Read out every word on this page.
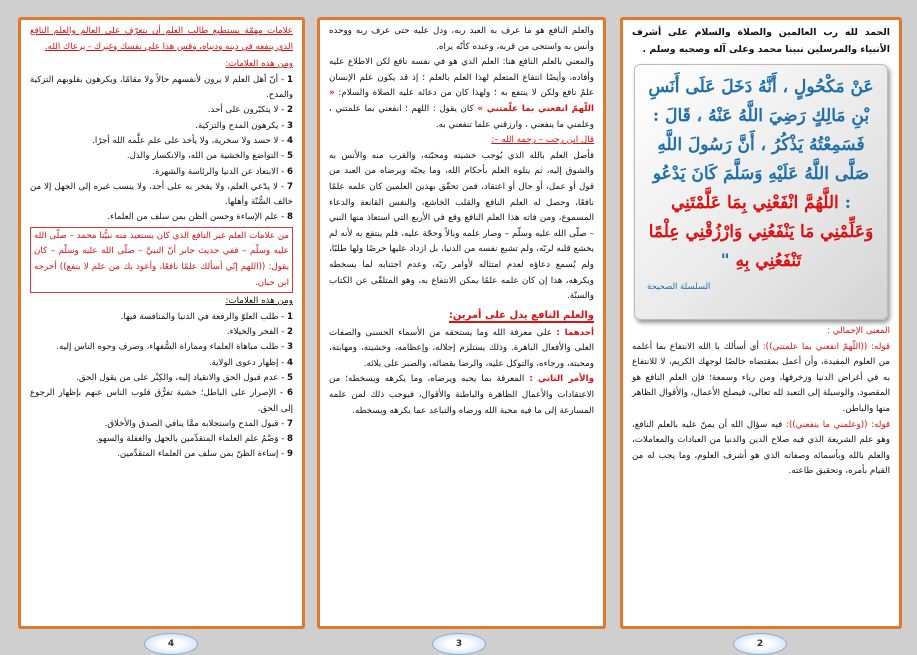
علامات مهمّة يستطيع طالب العلم أن يتعرّف على العالم والعلم النافع الذي ينفعه في دينه ودنياه، وقس هذا على نفسك وغيرك - يرعاك الله.

ومن هذه العلامات:

1 - أنّ أهل العلم لا يرون لأنفسهم حالاً ولا مقامًا، ويكرهون بقلوبهم التزكية والمدح.

2 - لا يتكبّرون على أحد.

3 - يكرهون المدح والتزكية.

4 - لا حسد ولا سخرية، ولا يأخذ على علم علَّمه الله أجرًا.

5 - التواضع والخشية من الله، والانكسار والذل.

6 - الابتعاد عن الدنيا والرئاسة والشهرة.

7 - لا يدّعي العلم، ولا يفخر به على أحد، ولا ينسب غيره إلى الجهل إلا من خالف السُّنّة وأهلها.

8 - علم الإساءة وحسن الظن بمن سلف من العلماء.

من علامات العلم غير النافع الذي كان يستعيذ منه نبيُّنا محمد – صلّى الله عليه وسلّم – ففي حديث جابر أنّ النبيَّ – صلّى الله عليه وسلّم – كان يقول: ((اللهم إنّي أسألك علمًا نافعًا، وأعوذ بك من علم لا ينفع)) أخرجه ابن حبان.

ومن هذه العلامات:

1 - طلب العلوّ والرفعة في الدنيا والمنافسة فيها.

2 - الفخر والخيلاء.

3 - طلب مباهاة العلماء ومماراة السُّفهاء، وصرف وجوه الناس إليه.

4 - إظهار دعوى الولاية.

5 - عدم قبول الحق والانقياد إليه، والكِبْر على من يقول الحق.

6 - الإصرار على الباطل؛ خشية تفرُّق قلوب الناس عنهم بإظهار الرجوع إلى الحق.

7 - قبول المدح واستجلابه ممَّا ينافي الصدق والأخلاق.

8 - وَصْمُ علم العلماء المتقدِّمين بالجهل والغفلة والسهو.

9 - إساءة الظنّ بمن سلف من العلماء المتقدِّمين.

والعلم النافع هو ما عرف به العبد ربه، ودل عليه حتى عرف ربه ووحده وأنس به واستحى من قربه، وعبده كأنّه يراه.

والمعني بالعلم النافع هنا: العلم الذي هو في نفسه نافع لكن الاطلاع عليه وأفاده، وأيضًا انتفاع المتعلم لهذا العلم بالعلم ؛ إذ قد يكون علم الإنسان علمٌ نافع ولكن لا ينتفع به ؛ ولهذا كان من دعائه عليه الصلاة والسلام: « اللّهمّ انفعني بما علّمتني » كان يقول : اللهم ؛ انفعني بما علمتني ، وعلمني ما ينفعني ، وارزقني علما تنفعني به.

قال ابن رجب – رحمه الله –:

فأصل العلم بالله الذي يُوجب خشيته ومحبّته، والقرب منه والأنس به والشوق إليه، ثم يتلوه العلم بأحكام الله، وما يحبّه ويرضاه من العبد من قول أو عمل، أو حال أو اعتقاد، فمن تحقّق بهذين العلمين كان علمه علمًا نافعًا، وحصل له العلم النافع والقلب الخاشع، والنفس القانعة والدعاء المسموع، ومن فاته هذا العلم النافع وقع في الأربع التي استعاذ منها النبي – صلّى الله عليه وسلّم – وصار علمه وبالاً وحجّة عليه، فلم ينتفع به لأنه لم يخشع قلبه لربّه، ولم تشبع نفسه من الدنيا، بل ازداد عليها حرصًا ولها طلبًا، ولم يُسمع دعاؤه لعدم امتثاله لأوامر ربّه، وعدم اجتنابه لما يسخطه ويكرهه، هذا إن كان علمه علمًا يمكن الانتفاع به، وهو المتلقّى عن الكتاب والسنّة.

والعلم النافع يدل على أمرين:

أحدهما : على معرفة الله وما يستحقه من الأسماء الحسنى والصفات العلى والأفعال الباهرة. وذلك يستلزم إجلاله، وإعظامه، وخشيته، ومهابته، ومحبته، ورجاءه، والتوكل عليه، والرضا بقضائه، والصبر على بلائه.

والأمر الثاني : المعرفة بما يحبه ويرضاه، وما يكرهه ويسخطه؛ من الاعتقادات والأعمال الظاهرة والباطنة والأقوال، فيوجب ذلك لمن علمه المسارعة إلى ما فيه محبة الله ورضاه والتباعد عما يكرهه ويسخطه.

الحمد لله رب العالمين والصلاة والسلام على أشرف الأنبياء والمرسلين نبينا محمد وعلى آله وصحبه وسلم .

عَنْ مَكْحُولٍ ، أَنَّهُ دَخَلَ عَلَى أَنَسِ بْنِ مَالِكٍ رَضِيَ اللَّهُ عَنْهُ ، قَالَ : فَسَمِعْتُهُ يَذْكُرُ ، أَنَّ رَسُولَ اللَّهِ صَلَّى اللَّهُ عَلَيْهِ وَسَلَّمَ كَانَ يَدْعُو : اللَّهُمَّ انْفَعْنِي بِمَا عَلَّمْتَنِي وَعَلِّمْنِي مَا يَنْفَعُنِي وَارْزُقْنِي عِلْمًا تَنْفَعُنِي بِهِ "

السلسلة الصحيحة

المعنى الإجمالي :

قوله: ((اللّهمّ انفعني بما علمتني)): أي أسألك يا الله الانتفاع بما أعلمه من العلوم المفيدة، وأن أعمل بمقتضاه خالصًا لوجهك الكريم، لا للانتفاع به في أغراض الدنيا وزخرفها، ومن رياء وسمعة؛ فإن العلم النافع هو المقصود، والوسيلة إلى التعبد لله تعالى، فيصلح الأعمال، والأقوال الظاهر منها والباطن.

قوله: ((وعلمني ما ينفعني)): فيه سؤال الله أن يمنّ عليه بالعلم النافع، وهو علم الشريعة الذي فيه صلاح الدين والدنيا من العبادات والمعاملات، والعلم بالله وبأسمائه وصفاته الذي هو أشرف العلوم، وما يجب له من القيام بأمره، وتحقيق طاعته.

4	3	2
